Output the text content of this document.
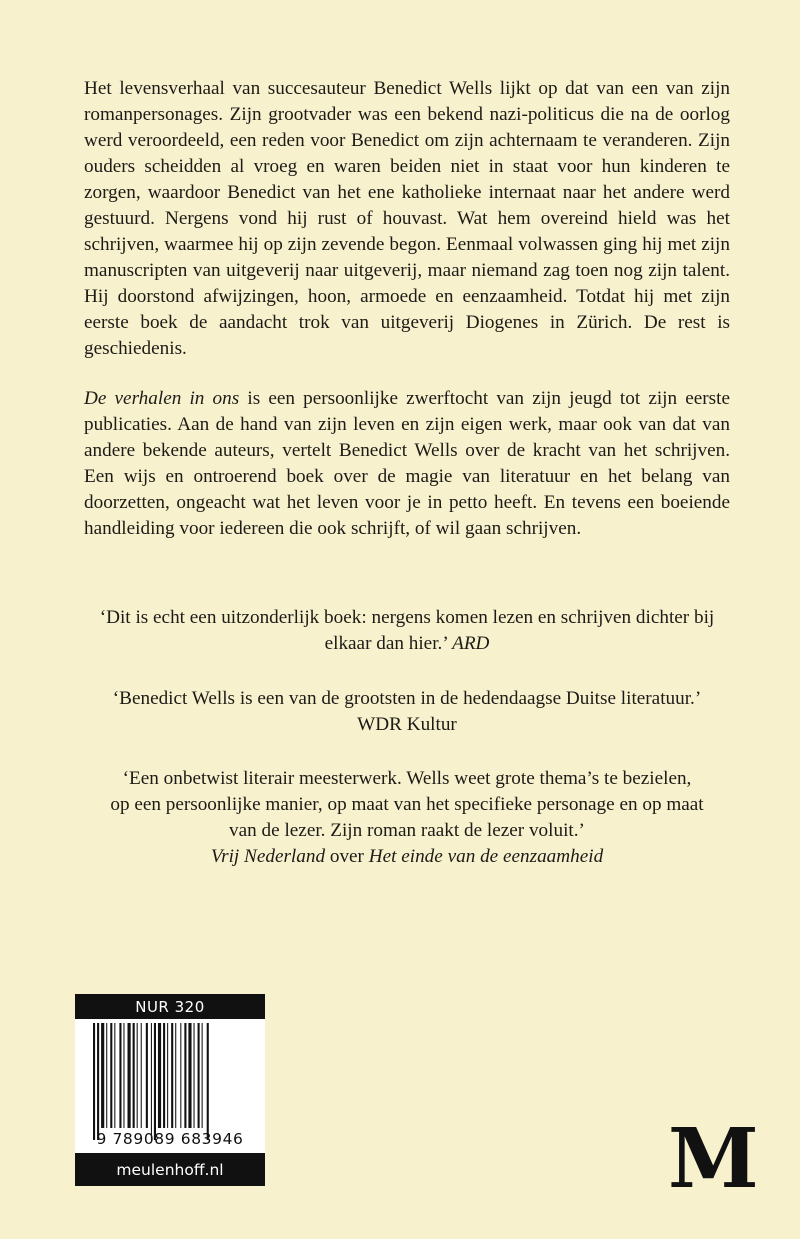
Het levensverhaal van succesauteur Benedict Wells lijkt op dat van een van zijn romanpersonages. Zijn grootvader was een bekend nazi-politicus die na de oorlog werd veroordeeld, een reden voor Benedict om zijn achternaam te veranderen. Zijn ouders scheidden al vroeg en waren beiden niet in staat voor hun kinderen te zorgen, waardoor Benedict van het ene katholieke internaat naar het andere werd gestuurd. Nergens vond hij rust of houvast. Wat hem overeind hield was het schrijven, waarmee hij op zijn zevende begon. Eenmaal volwassen ging hij met zijn manuscripten van uitgeverij naar uitgeverij, maar niemand zag toen nog zijn talent. Hij doorstond afwijzingen, hoon, armoede en eenzaamheid. Totdat hij met zijn eerste boek de aandacht trok van uitgeverij Diogenes in Zürich. De rest is geschiedenis.

De verhalen in ons is een persoonlijke zwerftocht van zijn jeugd tot zijn eerste publicaties. Aan de hand van zijn leven en zijn eigen werk, maar ook van dat van andere bekende auteurs, vertelt Benedict Wells over de kracht van het schrijven. Een wijs en ontroerend boek over de magie van literatuur en het belang van doorzetten, ongeacht wat het leven voor je in petto heeft. En tevens een boeiende handleiding voor iedereen die ook schrijft, of wil gaan schrijven.

‘Dit is echt een uitzonderlijk boek: nergens komen lezen en schrijven dichter bij
elkaar dan hier.’ ARD
‘Benedict Wells is een van de grootsten in de hedendaagse Duitse literatuur.’
WDR Kultur
‘Een onbetwist literair meesterwerk. Wells weet grote thema’s te bezielen,
op een persoonlijke manier, op maat van het specifieke personage en op maat
van de lezer. Zijn roman raakt de lezer voluit.’
Vrij Nederland over Het einde van de eenzaamheid
NUR 320
9 789089 683946
meulenhoff.nl	M
